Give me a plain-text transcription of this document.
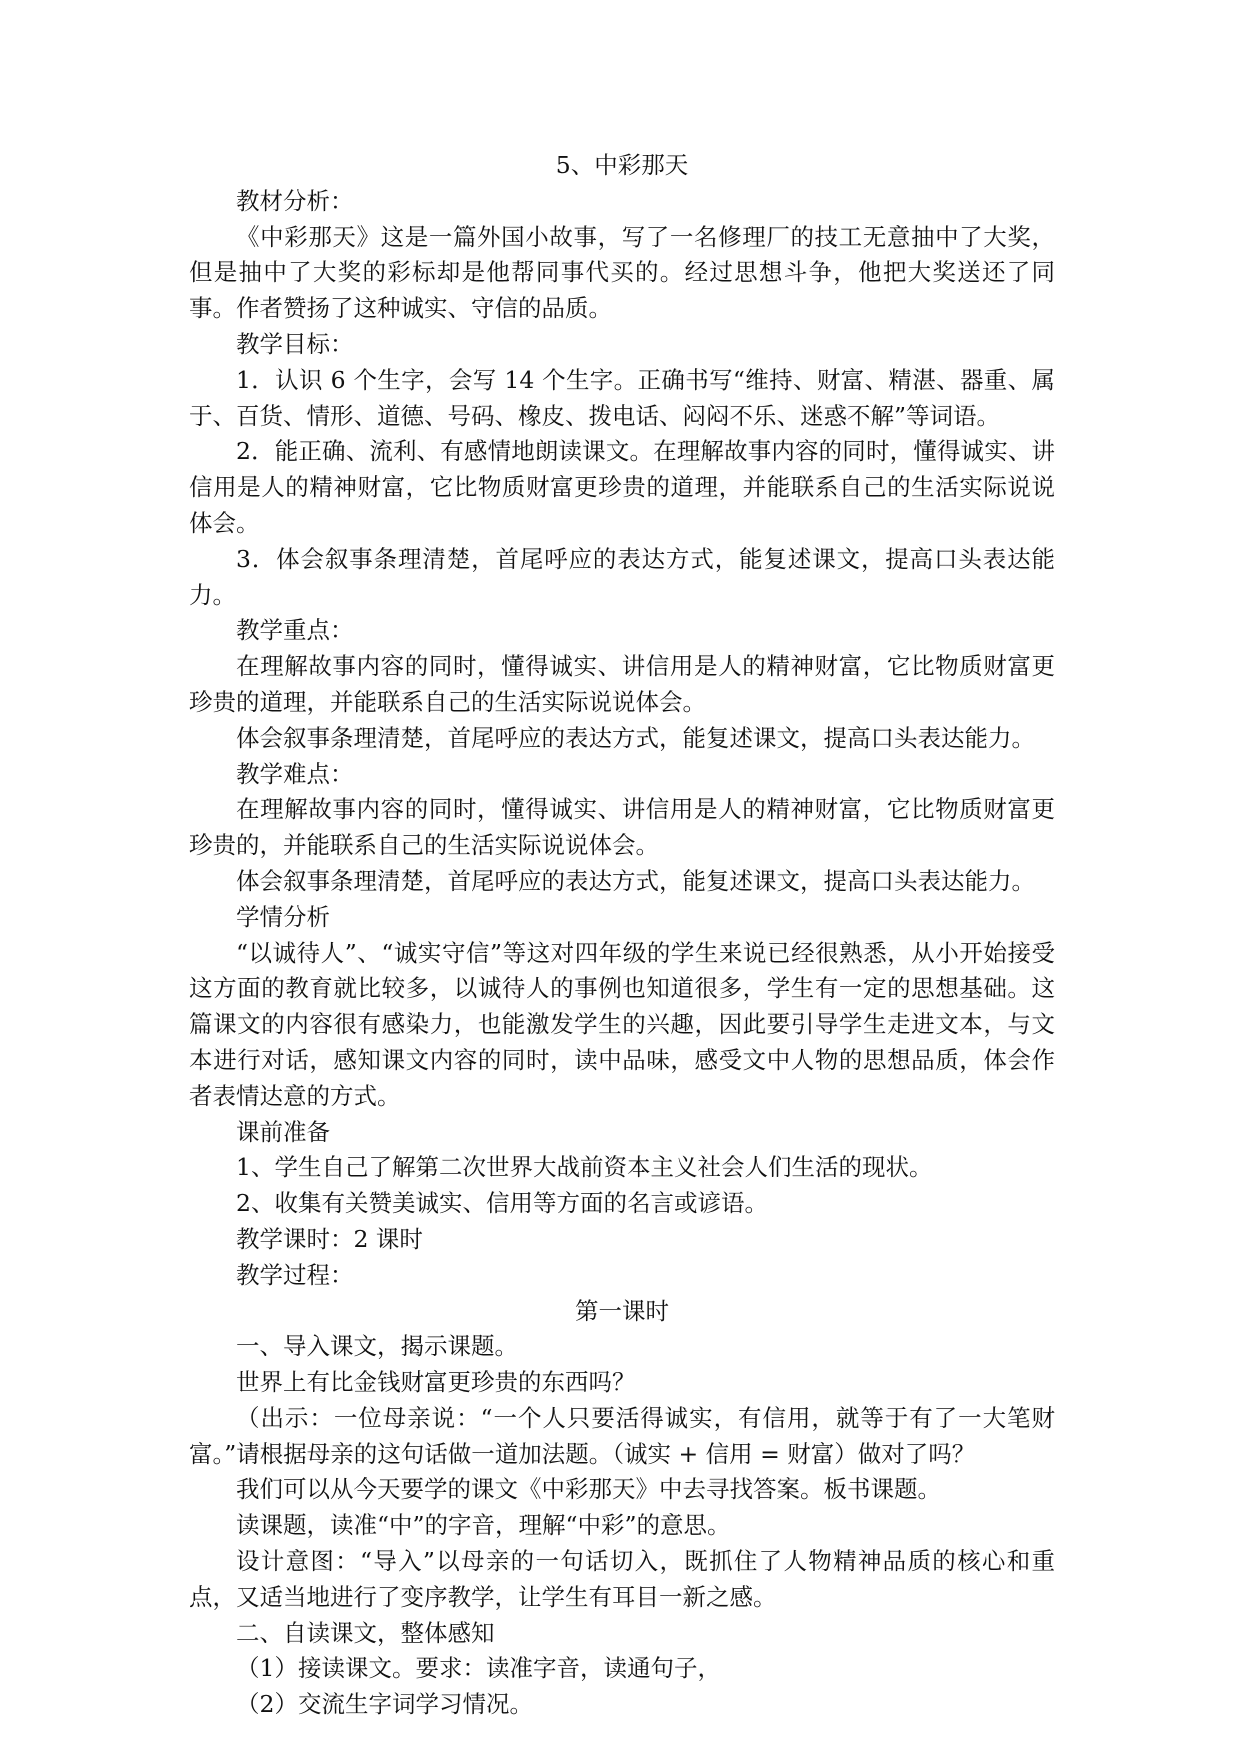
5、中彩那天

教材分析：

《中彩那天》这是一篇外国小故事，写了一名修理厂的技工无意抽中了大奖，但是抽中了大奖的彩标却是他帮同事代买的。经过思想斗争，他把大奖送还了同事。作者赞扬了这种诚实、守信的品质。

教学目标：

1．认识 6 个生字，会写 14 个生字。正确书写“维持、财富、精湛、器重、属于、百货、情形、道德、号码、橡皮、拨电话、闷闷不乐、迷惑不解”等词语。

2．能正确、流利、有感情地朗读课文。在理解故事内容的同时，懂得诚实、讲信用是人的精神财富，它比物质财富更珍贵的道理，并能联系自己的生活实际说说体会。

3．体会叙事条理清楚，首尾呼应的表达方式，能复述课文，提高口头表达能力。

教学重点：

在理解故事内容的同时，懂得诚实、讲信用是人的精神财富，它比物质财富更珍贵的道理，并能联系自己的生活实际说说体会。

体会叙事条理清楚，首尾呼应的表达方式，能复述课文，提高口头表达能力。

教学难点：

在理解故事内容的同时，懂得诚实、讲信用是人的精神财富，它比物质财富更珍贵的，并能联系自己的生活实际说说体会。

体会叙事条理清楚，首尾呼应的表达方式，能复述课文，提高口头表达能力。

学情分析

“以诚待人”、“诚实守信”等这对四年级的学生来说已经很熟悉，从小开始接受这方面的教育就比较多，以诚待人的事例也知道很多，学生有一定的思想基础。这篇课文的内容很有感染力，也能激发学生的兴趣，因此要引导学生走进文本，与文本进行对话，感知课文内容的同时，读中品味，感受文中人物的思想品质，体会作者表情达意的方式。

课前准备

1、学生自己了解第二次世界大战前资本主义社会人们生活的现状。

2、收集有关赞美诚实、信用等方面的名言或谚语。

教学课时：2 课时

教学过程：

第一课时

一、导入课文，揭示课题。

世界上有比金钱财富更珍贵的东西吗？

（出示：一位母亲说：“一个人只要活得诚实，有信用，就等于有了一大笔财富。”请根据母亲的这句话做一道加法题。（诚实 + 信用 = 财富）做对了吗？

我们可以从今天要学的课文《中彩那天》中去寻找答案。板书课题。

读课题，读准“中”的字音，理解“中彩”的意思。

设计意图：“导入”以母亲的一句话切入，既抓住了人物精神品质的核心和重点，又适当地进行了变序教学，让学生有耳目一新之感。

二、自读课文，整体感知

（1）接读课文。要求：读准字音，读通句子，

（2）交流生字词学习情况。
